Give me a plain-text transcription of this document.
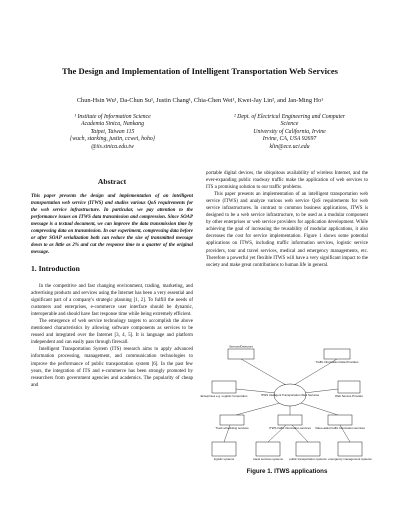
The Design and Implementation of Intelligent Transportation Web Services
Chun-Hsin Wu¹, Da-Chun Su¹, Justin Chang¹, Chia-Chen Wei¹, Kwei-Jay Lin², and Jan-Ming Ho¹
¹ Institute of Information Science
Academia Sinica, Nankang
Taipei, Taiwan 115
{wuch, starking, justin, ccwei, hoho}
@iis.sinica.edu.tw
² Dept. of Electrical Engineering and Computer
Science
University of California, Irvine
Irvine, CA, USA 92697
klin@ece.uci.edu
Abstract
This paper presents the design and implementation of an intelligent transportation web service (ITWS) and studies various QoS requirements for the web service infrastructure. In particular, we pay attention to the performance issues on ITWS data transmission and compression. Since SOAP message is a textual document, we can improve the data transmission time by compressing data on transmission. In our experiment, compressing data before or after SOAP serialization both can reduce the size of transmitted message down to as little as 2% and cut the response time to a quarter of the original message.
1. Introduction

In the competitive and fast changing environment, trading, marketing, and advertising products and services using the Internet has been a very essential and significant part of a company's strategic planning [1, 2]. To fulfill the needs of customers and enterprises, e-commerce user interface should be dynamic, interoperable and should have fast response time while being extremely efficient.

The emergence of web service technology targets to accomplish the above mentioned characteristics by allowing software components as services to be reused and integrated over the Internet [3, 4, 5]. It is language and platform independent and can easily pass through firewall.

Intelligent Transportation System (ITS) research aims to apply advanced information processing, management, and communication technologies to improve the performance of public transportation system [6]. In the past few years, the integration of ITS and e-commerce has been strongly promoted by researchers from government agencies and academics. The popularity of cheap and

portable digital devices, the ubiquitous availability of wireless Internet, and the ever-expanding public roadway traffic make the application of web services to ITS a promising solution to our traffic problems.

This paper presents an implementation of an intelligent transportation web service (ITWS) and analyze various web service QoS requirements for web service infrastructures. In contrast to common business applications, ITWS is designed to be a web service infrastructure, to be used as a modular component by other enterprises or web service providers for application development. While achieving the goal of increasing the reusability of modular applications, it also decreases the cost for service implementation. Figure 1 shows some potential applications on ITWS, including traffic information services, logistic service providers, tour and travel services, medical and emergency managements, etc. Therefore a powerful yet flexible ITWS will have a very significant impact to the society and make great contributions to human life in general.

Sensors/Detectors
Traffic Information Data Providers
Enterprises e.g. Logistic Corporation	ITWS Intelligent Transportation Web Services	Web Service Provider
Truck scheduling services	ITWS traffic information services Video-aided traffic information services
logistic systems	travel services systems public transportation systems emergency management systems
Figure 1. ITWS applications
